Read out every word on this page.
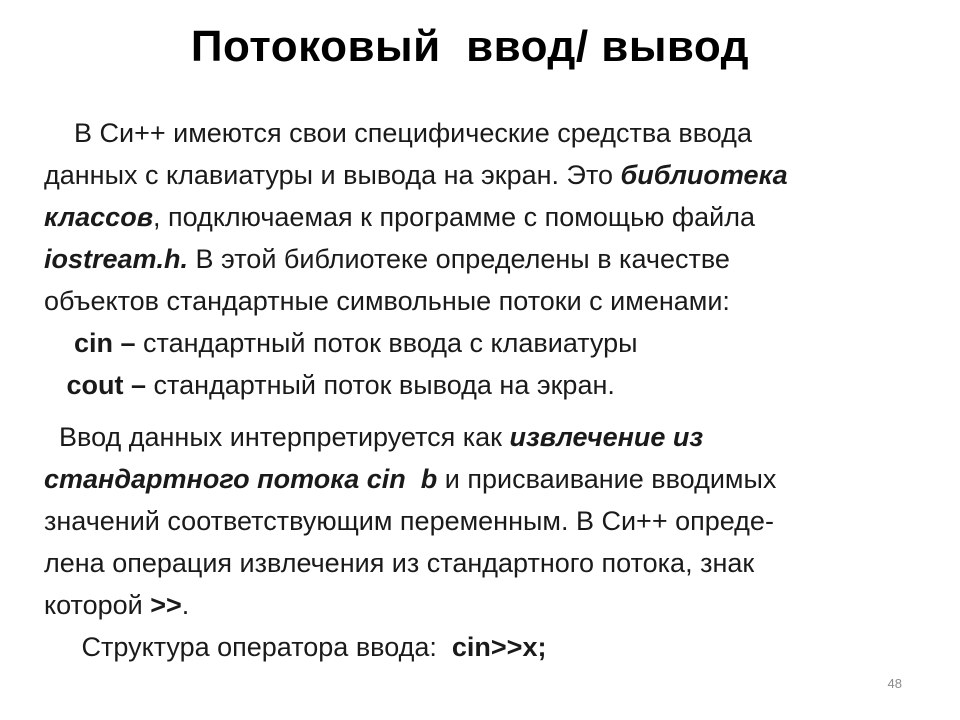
Потоковый  ввод/ вывод
В Си++ имеются свои специфические средства ввода
данных с клавиатуры и вывода на экран. Это библиотека
классов, подключаемая к программе с помощью файла
iostream.h. В этой библиотеке определены в качестве
объектов стандартные символьные потоки с именами:
cin – стандартный поток ввода с клавиатуры
cout – стандартный поток вывода на экран.
Ввод данных интерпретируется как извлечение из
стандартного потока cin  b и присваивание вводимых
значений соответствующим переменным. В Си++ опреде-
лена операция извлечения из стандартного потока, знак
которой >>.
Структура оператора ввода:  cin>>x;
48
